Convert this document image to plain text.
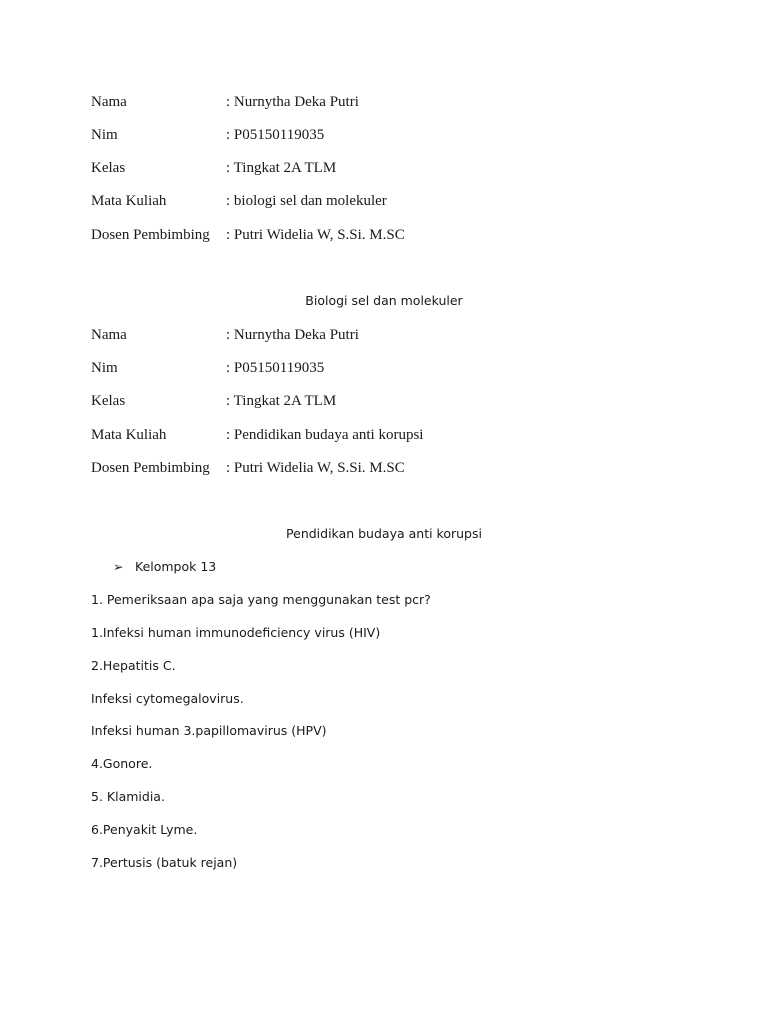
Nama	: Nurnytha Deka Putri
Nim	: P05150119035
Kelas	: Tingkat 2A TLM
Mata Kuliah	: biologi sel dan molekuler
Dosen Pembimbing : Putri Widelia W, S.Si. M.SC
Biologi sel dan molekuler
Nama	: Nurnytha Deka Putri
Nim	: P05150119035
Kelas	: Tingkat 2A TLM
Mata Kuliah	: Pendidikan budaya anti korupsi
Dosen Pembimbing : Putri Widelia W, S.Si. M.SC
Pendidikan budaya anti korupsi
➢ Kelompok 13
1. Pemeriksaan apa saja yang menggunakan test pcr?
1.Infeksi human immunodeficiency virus (HIV)
2.Hepatitis C.
Infeksi cytomegalovirus.
Infeksi human 3.papillomavirus (HPV)
4.Gonore.
5. Klamidia.
6.Penyakit Lyme.
7.Pertusis (batuk rejan)
